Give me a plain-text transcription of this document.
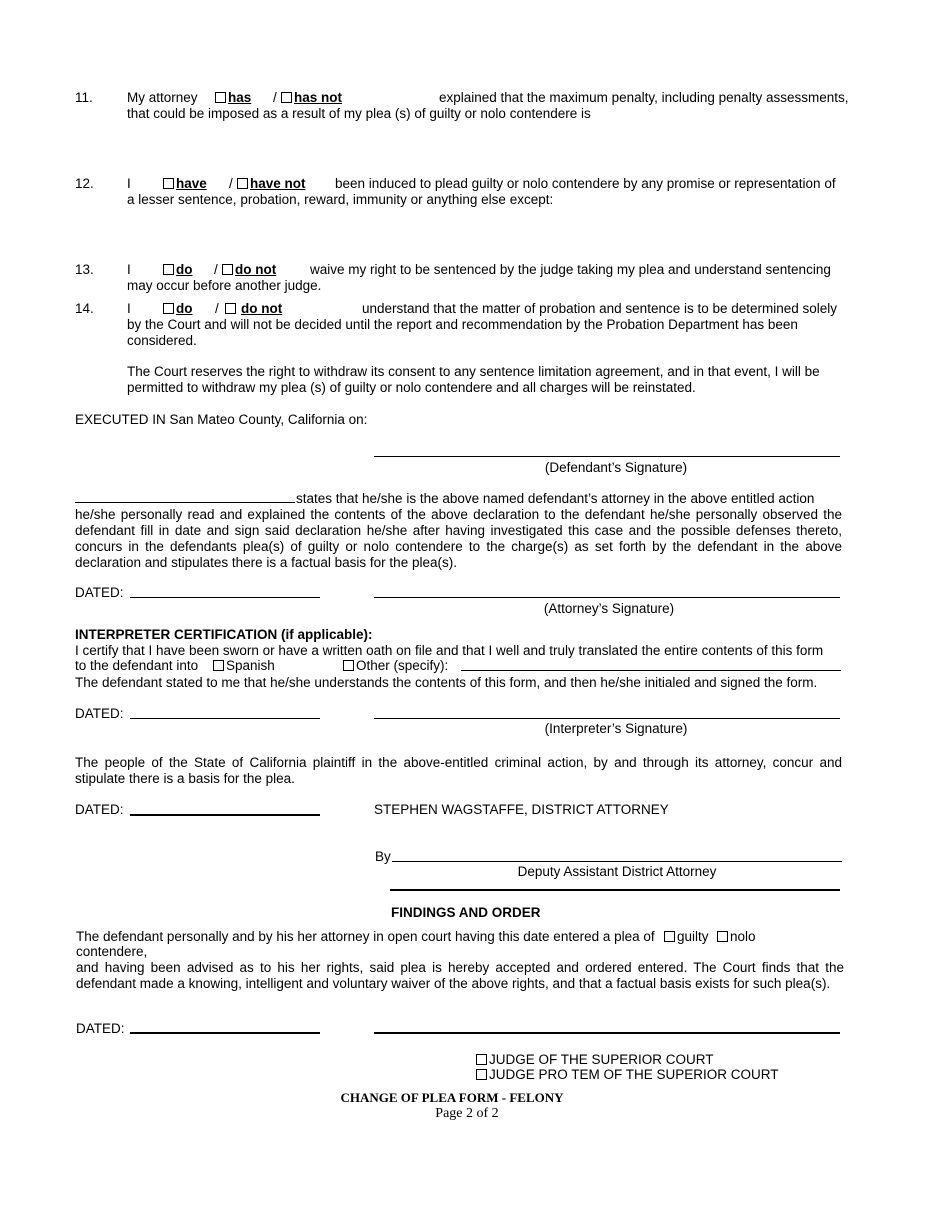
11.	My attorney	has /	has not	explained that the maximum penalty, including penalty assessments,
that could be imposed as a result of my plea (s) of guilty or nolo contendere is
12. I	have /	have not been induced to plead guilty or nolo contendere by any promise or representation of
a lesser sentence, probation, reward, immunity or anything else except:
13. I	do /	do not	waive my right to be sentenced by the judge taking my plea and understand sentencing
may occur before another judge.
14. I	do /	do not	understand that the matter of probation and sentence is to be determined solely
by the Court and will not be decided until the report and recommendation by the Probation Department has been
considered.
The Court reserves the right to withdraw its consent to any sentence limitation agreement, and in that event, I will be permitted to withdraw my plea (s) of guilty or nolo contendere and all charges will be reinstated.
EXECUTED IN San Mateo County, California on:
(Defendant’s Signature)
states that he/she is the above named defendant’s attorney in the above entitled action
he/she personally read and explained the contents of the above declaration to the defendant he/she personally observed the defendant fill in date and sign said declaration he/she after having investigated this case and the possible defenses thereto, concurs in the defendants plea(s) of guilty or nolo contendere to the charge(s) as set forth by the defendant in the above declaration and stipulates there is a factual basis for the plea(s).
DATED:
(Attorney’s Signature)
INTERPRETER CERTIFICATION (if applicable):
I certify that I have been sworn or have a written oath on file and that I well and truly translated the entire contents of this form
to the defendant into	Spanish	Other (specify):
The defendant stated to me that he/she understands the contents of this form, and then he/she initialed and signed the form.
DATED:
(Interpreter’s Signature)
The people of the State of California plaintiff in the above-entitled criminal action, by and through its attorney, concur and stipulate there is a basis for the plea.
DATED:	STEPHEN WAGSTAFFE, DISTRICT ATTORNEY
By
Deputy Assistant District Attorney
FINDINGS AND ORDER
The defendant personally and by his her attorney in open court having this date entered a plea of	guilty	nolo
contendere,
and having been advised as to his her rights, said plea is hereby accepted and ordered entered. The Court finds that the defendant made a knowing, intelligent and voluntary waiver of the above rights, and that a factual basis exists for such plea(s).
DATED:
JUDGE OF THE SUPERIOR COURT
JUDGE PRO TEM OF THE SUPERIOR COURT
CHANGE OF PLEA FORM - FELONY
Page 2 of 2
